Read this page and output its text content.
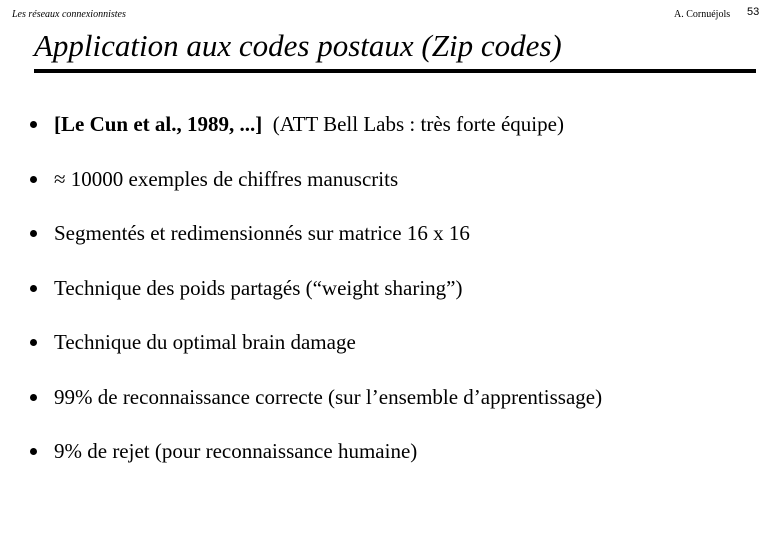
Les réseaux connexionnistes	A. Cornuéjols 53
Application aux codes postaux (Zip codes)
[Le Cun et al., 1989, ...]  (ATT Bell Labs : très forte équipe)
≈ 10000 exemples de chiffres manuscrits
Segmentés et redimensionnés sur matrice 16 x 16
Technique des poids partagés (“weight sharing”)
Technique du optimal brain damage
99% de reconnaissance correcte (sur l’ensemble d’apprentissage)
9% de rejet (pour reconnaissance humaine)
